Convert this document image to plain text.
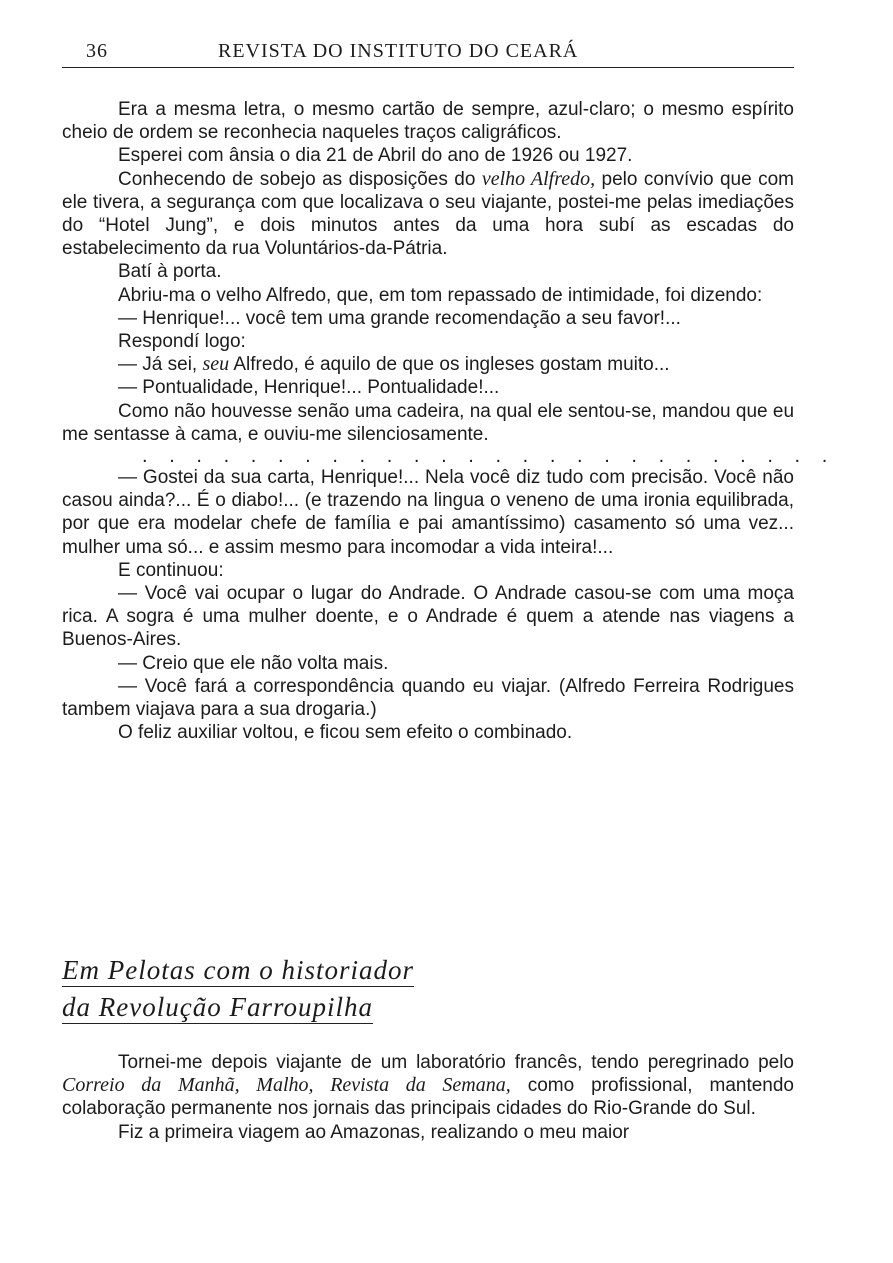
36	REVISTA DO INSTITUTO DO CEARÁ

Era a mesma letra, o mesmo cartão de sempre, azul-claro; o mesmo espírito cheio de ordem se reconhecia naqueles traços caligráficos.

Esperei com ânsia o dia 21 de Abril do ano de 1926 ou 1927.

Conhecendo de sobejo as disposições do velho Alfredo, pelo convívio que com ele tivera, a segurança com que localizava o seu viajante, postei-me pelas imediações do “Hotel Jung”, e dois minutos antes da uma hora subí as escadas do estabelecimento da rua Voluntários-da-Pátria.

Batí à porta.

Abriu-ma o velho Alfredo, que, em tom repassado de intimidade, foi dizendo:

— Henrique!... você tem uma grande recomendação a seu favor!...

Respondí logo:

— Já sei, seu Alfredo, é aquilo de que os ingleses gostam muito...

— Pontualidade, Henrique!... Pontualidade!...

Como não houvesse senão uma cadeira, na qual ele sentou-se, mandou que eu me sentasse à cama, e ouviu-me silenciosamente.

.	.	.	.	.	.	.	.	.	.	.	.	.	.	.	.	.	.	.	.	.	.	.	.	.	.

— Gostei da sua carta, Henrique!... Nela você diz tudo com precisão. Você não casou ainda?... É o diabo!... (e trazendo na lingua o veneno de uma ironia equilibrada, por que era modelar chefe de família e pai amantíssimo) casamento só uma vez... mulher uma só... e assim mesmo para incomodar a vida inteira!...

E continuou:

— Você vai ocupar o lugar do Andrade. O Andrade casou-se com uma moça rica. A sogra é uma mulher doente, e o Andrade é quem a atende nas viagens a Buenos-Aires.

— Creio que ele não volta mais.

— Você fará a correspondência quando eu viajar. (Alfredo Ferreira Rodrigues tambem viajava para a sua drogaria.)

O feliz auxiliar voltou, e ficou sem efeito o combinado.

Em Pelotas com o historiador
da Revolução Farroupilha

Tornei-me depois viajante de um laboratório francês, tendo peregrinado pelo Correio da Manhã, Malho, Revista da Semana, como profissional, mantendo colaboração permanente nos jornais das principais cidades do Rio-Grande do Sul.

Fiz a primeira viagem ao Amazonas, realizando o meu maior
